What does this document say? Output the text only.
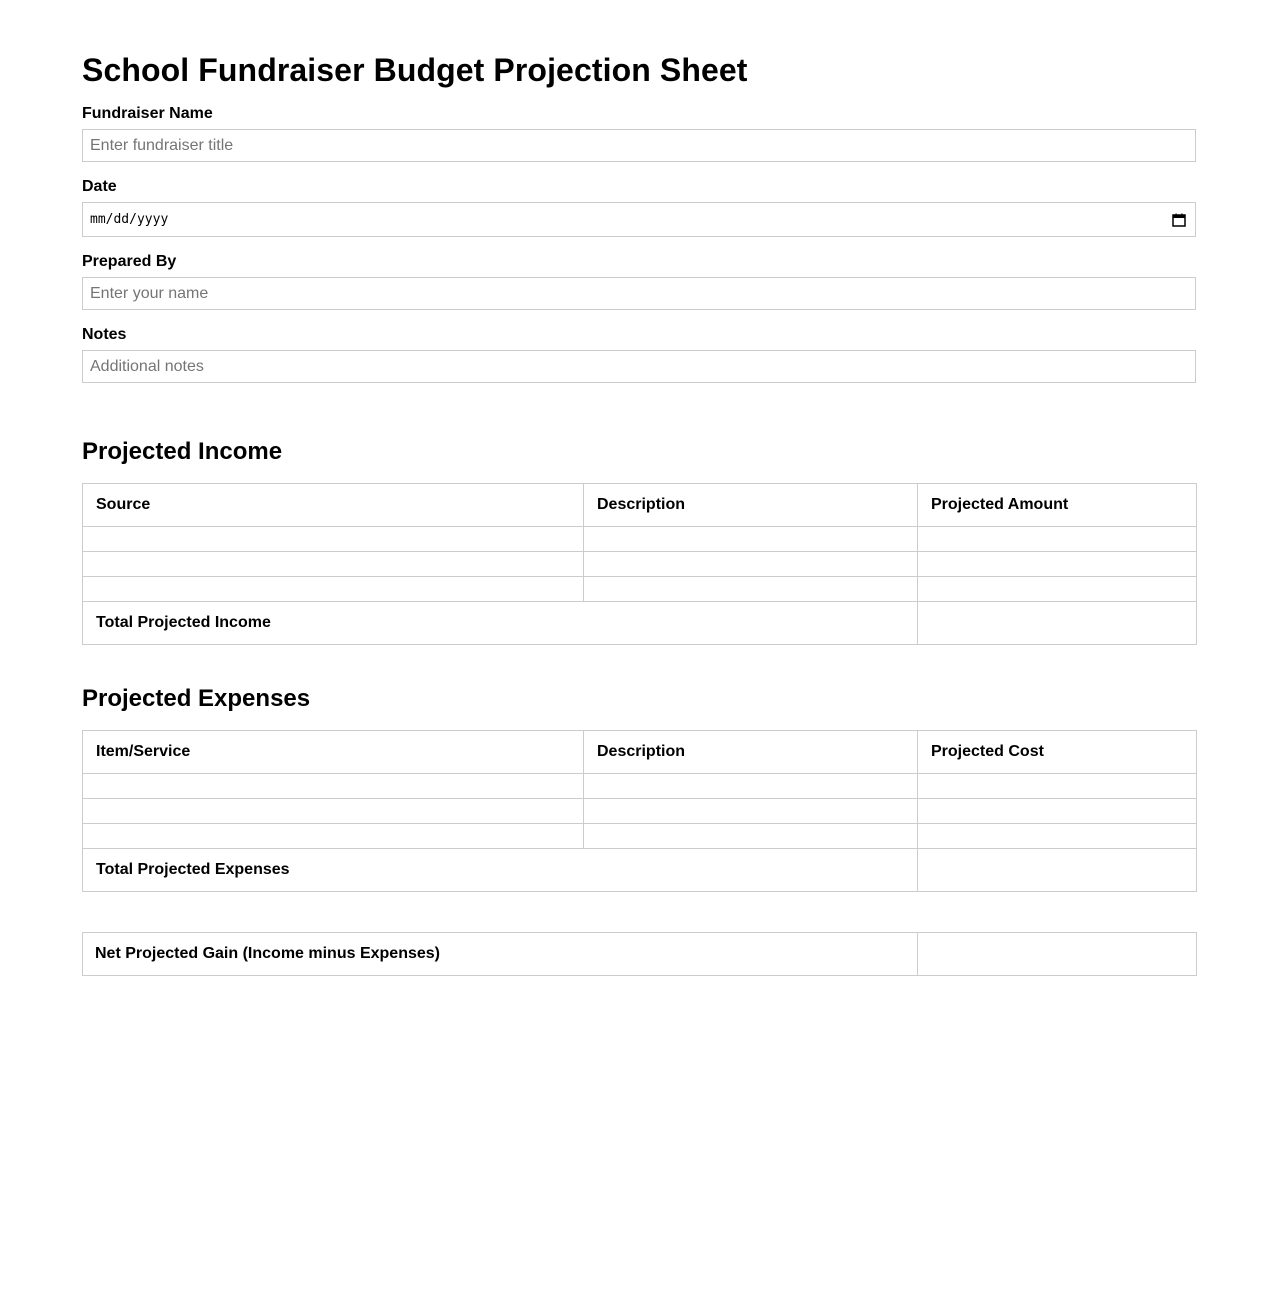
School Fundraiser Budget Projection Sheet
Fundraiser Name
Enter fundraiser title
Date
mm/dd/yyyy
Prepared By
Enter your name
Notes
Additional notes
Projected Income
Source	Description	Projected Amount

Total Projected Income		
Projected Expenses
Item/Service	Description	Projected Cost

Total Projected Expenses		
Net Projected Gain (Income minus Expenses)	
